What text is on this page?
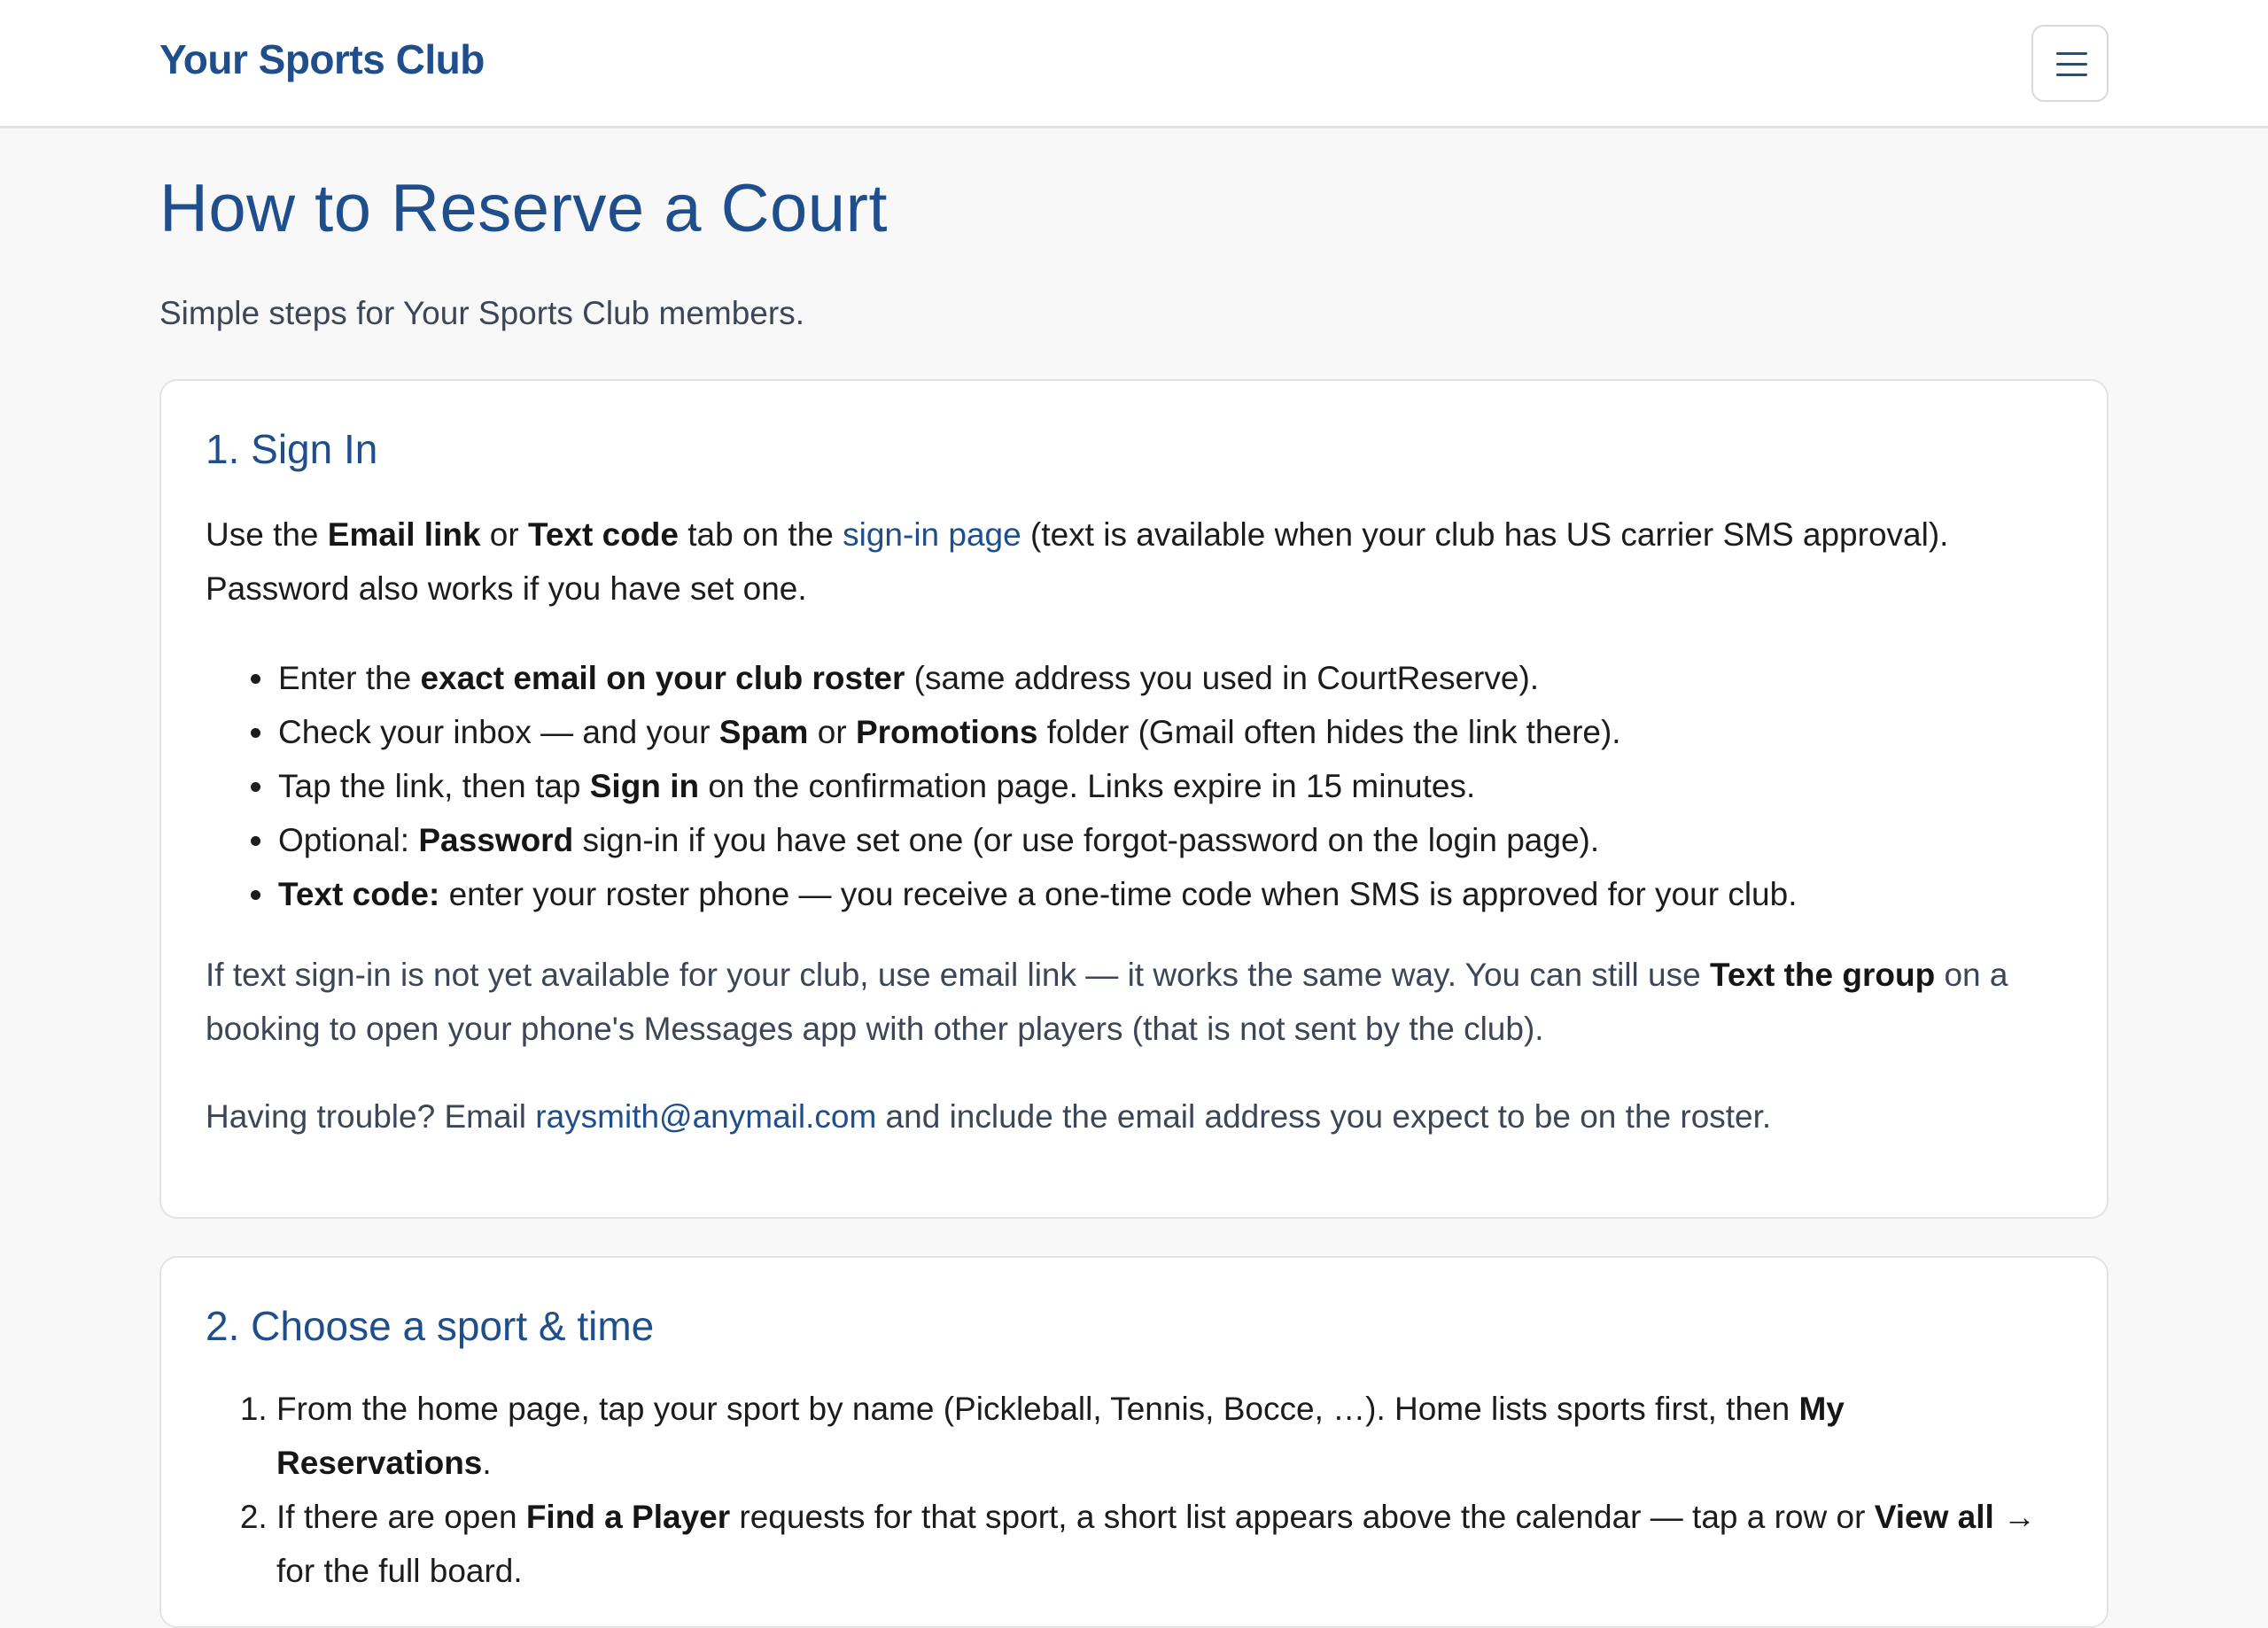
Your Sports Club
How to Reserve a Court

Simple steps for Your Sports Club members.

1. Sign In

Use the Email link or Text code tab on the sign-in page (text is available when your club has US carrier SMS approval). Password also works if you have set one.

• Enter the exact email on your club roster (same address you used in CourtReserve).
• Check your inbox — and your Spam or Promotions folder (Gmail often hides the link there).
• Tap the link, then tap Sign in on the confirmation page. Links expire in 15 minutes.
• Optional: Password sign-in if you have set one (or use forgot-password on the login page).
• Text code: enter your roster phone — you receive a one-time code when SMS is approved for your club.

If text sign-in is not yet available for your club, use email link — it works the same way. You can still use Text the group on a booking to open your phone's Messages app with other players (that is not sent by the club).

Having trouble? Email raysmith@anymail.com and include the email address you expect to be on the roster.

2. Choose a sport & time
1. From the home page, tap your sport by name (Pickleball, Tennis, Bocce, …). Home lists sports first, then My Reservations.
2. If there are open Find a Player requests for that sport, a short list appears above the calendar — tap a row or View all → for the full board.
